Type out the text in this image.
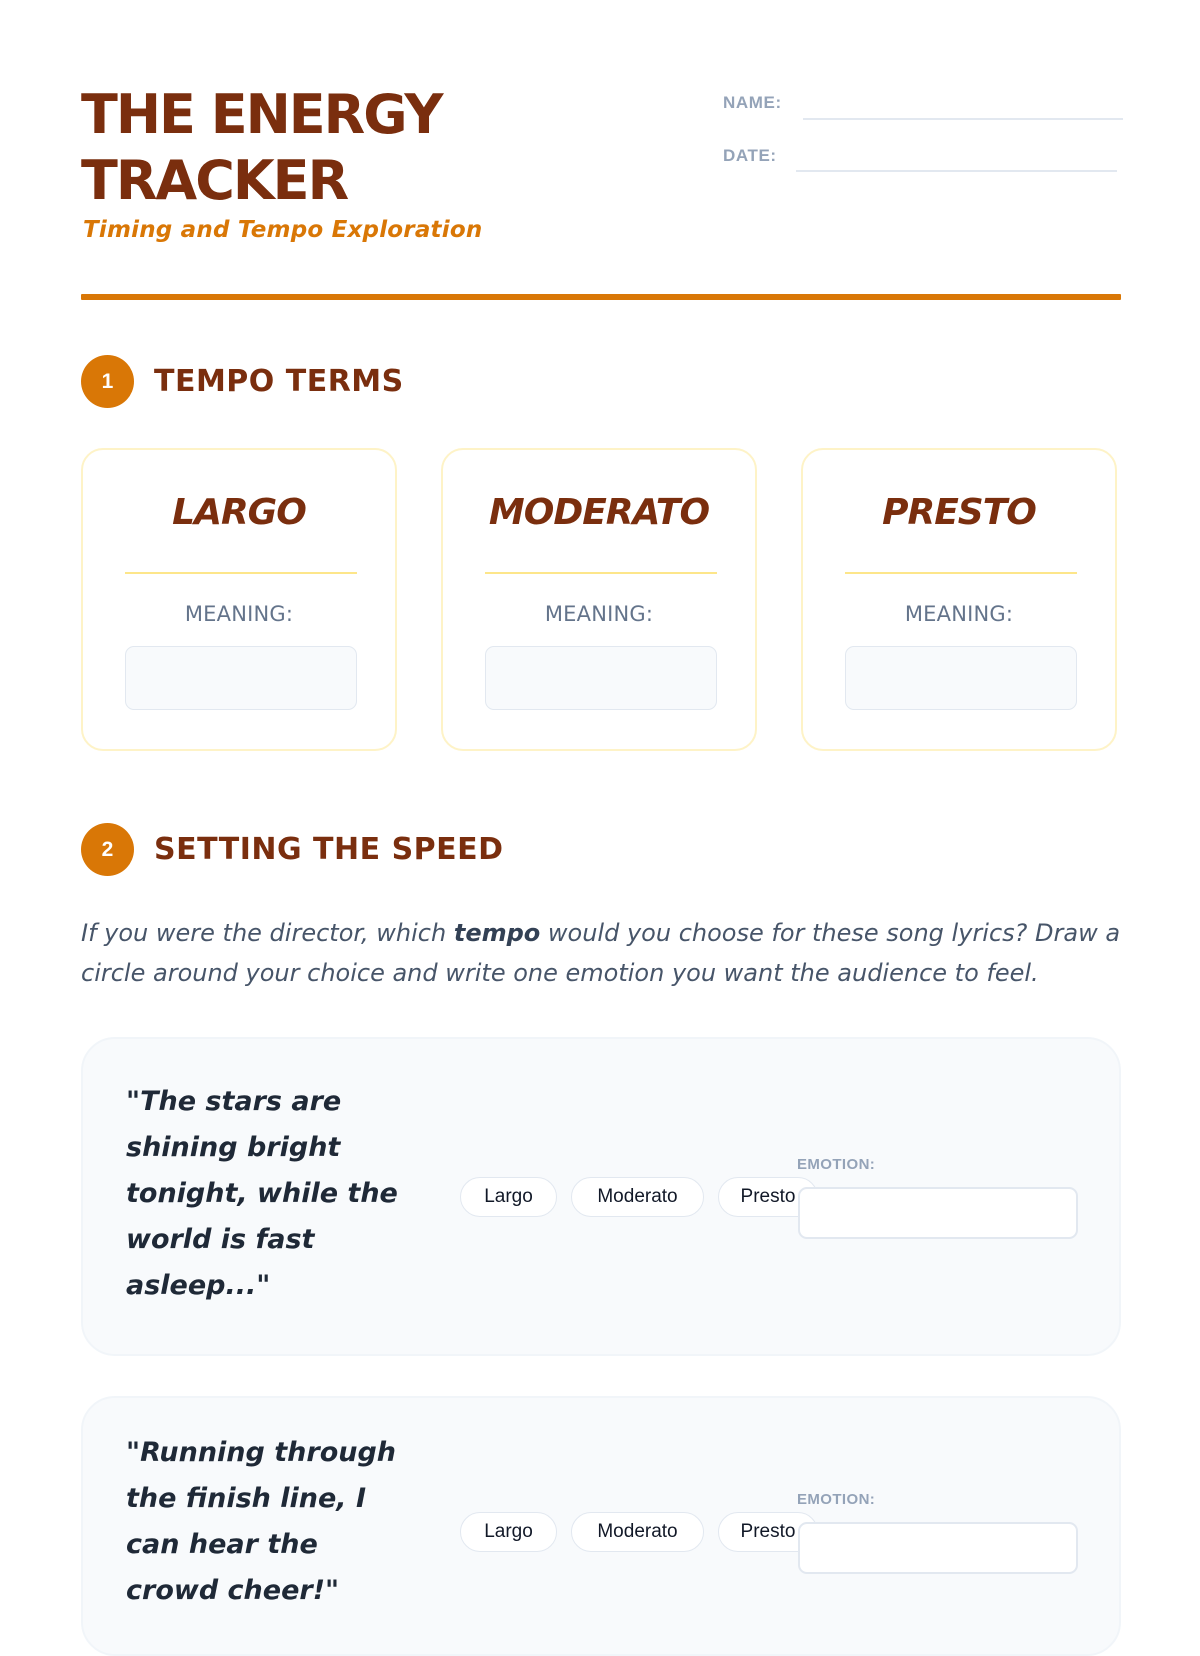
THE ENERGY TRACKER
Timing and Tempo Exploration
NAME:
DATE:
1	TEMPO TERMS
LARGO
MEANING:
MODERATO
MEANING:
PRESTO
MEANING:
2	SETTING THE SPEED

If you were the director, which tempo would you choose for these song lyrics? Draw a circle around your choice and write one emotion you want the audience to feel.

"The stars are shining bright tonight, while the world is fast asleep..."

Largo	Moderato	Presto
EMOTION:

"Running through the finish line, I can hear the crowd cheer!"

Largo	Moderato	Presto
EMOTION:
